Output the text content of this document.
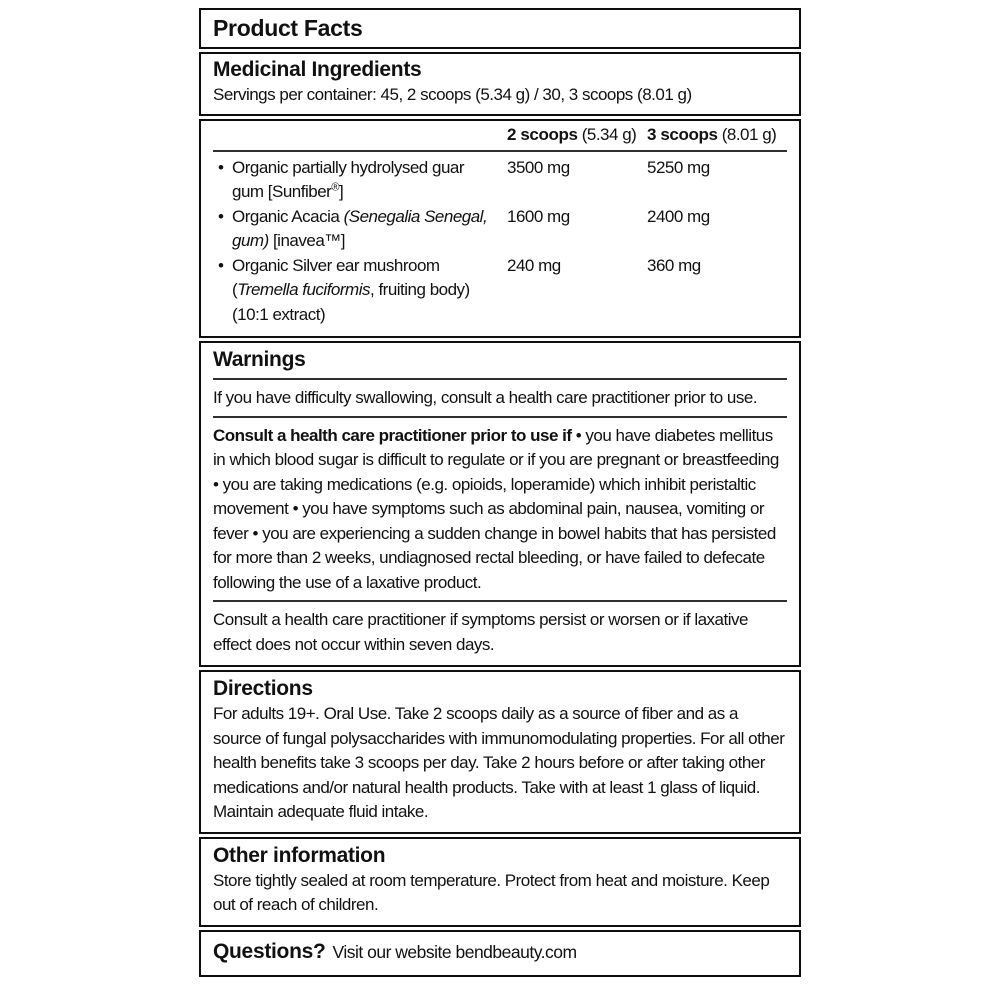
Product Facts
Medicinal Ingredients
Servings per container: 45, 2 scoops (5.34 g) / 30, 3 scoops (8.01 g)
2 scoops (5.34 g) 3 scoops (8.01 g)
• Organic partially hydrolysed guar gum [Sunfiber®]
3500 mg	5250 mg
• Organic Acacia (Senegalia Senegal, gum) [inavea™]
1600 mg	2400 mg
• Organic Silver ear mushroom (Tremella fuciformis, fruiting body) (10:1 extract)
240 mg	360 mg
Warnings
If you have difficulty swallowing, consult a health care practitioner prior to use.
Consult a health care practitioner prior to use if • you have diabetes mellitus in which blood sugar is difficult to regulate or if you are pregnant or breastfeeding • you are taking medications (e.g. opioids, loperamide) which inhibit peristaltic movement • you have symptoms such as abdominal pain, nausea, vomiting or fever • you are experiencing a sudden change in bowel habits that has persisted for more than 2 weeks, undiagnosed rectal bleeding, or have failed to defecate following the use of a laxative product.
Consult a health care practitioner if symptoms persist or worsen or if laxative effect does not occur within seven days.
Directions
For adults 19+. Oral Use. Take 2 scoops daily as a source of fiber and as a source of fungal polysaccharides with immunomodulating properties. For all other health benefits take 3 scoops per day. Take 2 hours before or after taking other medications and/or natural health products. Take with at least 1 glass of liquid. Maintain adequate fluid intake.
Other information
Store tightly sealed at room temperature. Protect from heat and moisture. Keep out of reach of children.
Questions? Visit our website bendbeauty.com
